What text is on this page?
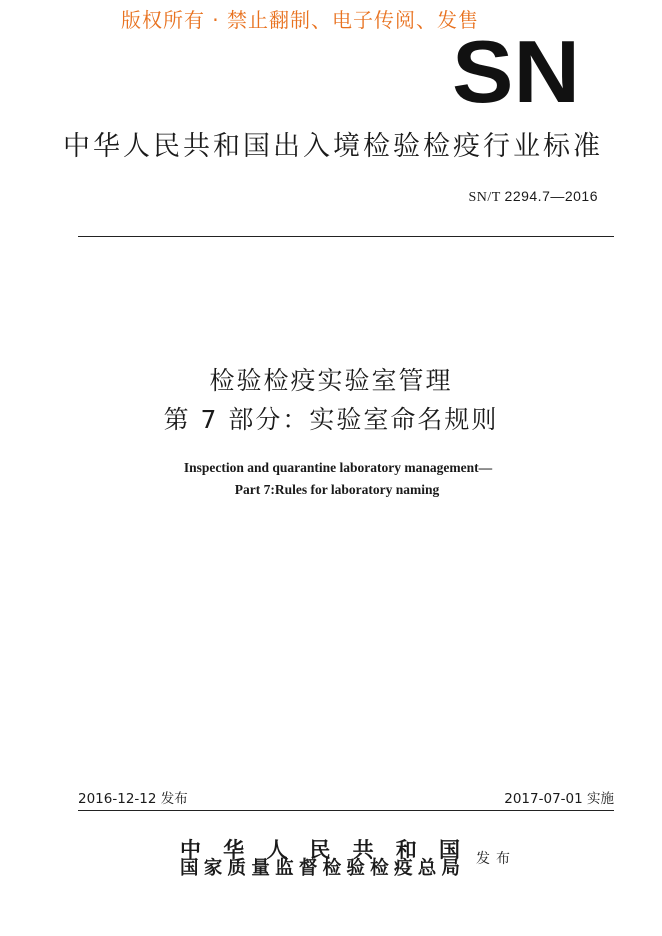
版权所有 · 禁止翻制、电子传阅、发售
SN
中华人民共和国出入境检验检疫行业标准
SN/T 2294.7—2016
检验检疫实验室管理
第 7 部分：实验室命名规则
Inspection and quarantine laboratory management—
Part 7:Rules for laboratory naming
2016-12-12 发布	2017-07-01 实施
中华人民共和国
国家质量监督检验检疫总局 发布
